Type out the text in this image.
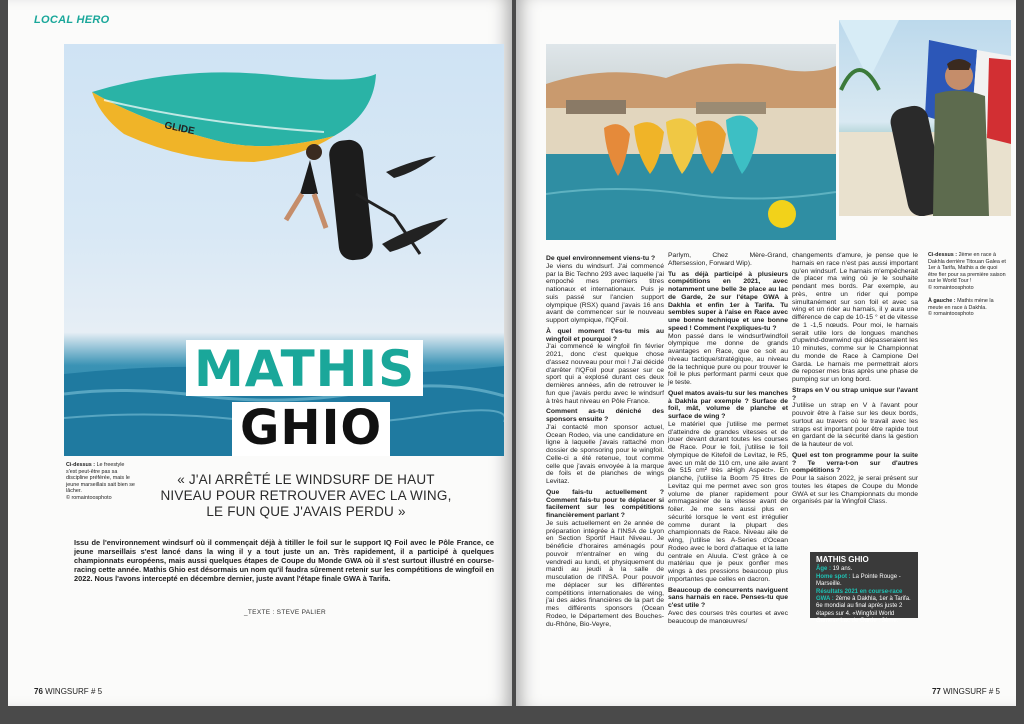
LOCAL HERO
GLIDE
Ci-dessus : Le freestyle s'est peut-être pas sa discipline préférée, mais le jeune marseillais sait bien se lâcher.
© romaintoosphoto
MATHIS
GHIO
« J'AI ARRÊTÉ LE WINDSURF DE HAUT NIVEAU POUR RETROUVER AVEC LA WING, LE FUN QUE J'AVAIS PERDU »
Issu de l'environnement windsurf où il commençait déjà à titiller le foil sur le support IQ Foil avec le Pôle France, ce jeune marseillais s'est lancé dans la wing il y a tout juste un an. Très rapidement, il a participé à quelques championnats européens, mais aussi quelques étapes de Coupe du Monde GWA où il s'est surtout illustré en course-racing cette année. Mathis Ghio est désormais un nom qu'il faudra sûrement retenir sur les compétitions de wingfoil en 2022. Nous l'avons intercepté en décembre dernier, juste avant l'étape finale GWA à Tarifa.
_TEXTE : STEVE PALIER
76 WINGSURF # 5
Ci-dessus : 2ème en race à Dakhla derrière Titouan Galea et 1er à Tarifa, Mathis a de quoi être fier pour sa première saison sur le World Tour !
© romaintoosphoto

À gauche : Mathis mène la meute en race à Dakhla.
© romaintoosphoto
De quel environnement viens-tu ?
Je viens du windsurf. J'ai commencé par la Bic Techno 293 avec laquelle j'ai empoché mes premiers titres nationaux et internationaux. Puis je suis passé sur l'ancien support olympique (RSX) quand j'avais 16 ans avant de commencer sur le nouveau support olympique, l'IQFoil.
À quel moment t'es-tu mis au wingfoil et pourquoi ?
J'ai commencé le wingfoil fin février 2021, donc c'est quelque chose d'assez nouveau pour moi ! J'ai décidé d'arrêter l'IQFoil pour passer sur ce sport qui a explosé durant ces deux dernières années, afin de retrouver le fun que j'avais perdu avec le windsurf à très haut niveau en Pôle France.
Comment as-tu déniché des sponsors ensuite ?
J'ai contacté mon sponsor actuel, Ocean Rodeo, via une candidature en ligne à laquelle j'avais rattaché mon dossier de sponsoring pour le wingfoil. Celle-ci a été retenue, tout comme celle que j'avais envoyée à la marque de foils et de planches de wings Levitaz.
Que fais-tu actuellement ? Comment fais-tu pour te déplacer si facilement sur les compétitions financièrement parlant ?
Je suis actuellement en 2e année de préparation intégrée à l'INSA de Lyon en Section Sportif Haut Niveau. Je bénéficie d'horaires aménagés pour pouvoir m'entraîner en wing du vendredi au lundi, et physiquement du mardi au jeudi à la salle de musculation de l'INSA. Pour pouvoir me déplacer sur les différentes compétitions internationales de wing, j'ai des aides financières de la part de mes différents sponsors (Ocean Rodeo, le Département des Bouches-du-Rhône, Bio-Veyre,
Parlym, Chez Mère-Grand, Aftersession, Forward Wip).
Tu as déjà participé à plusieurs compétitions en 2021, avec notamment une belle 3e place au lac de Garde, 2e sur l'étape GWA à Dakhla et enfin 1er à Tarifa. Tu sembles super à l'aise en Race avec une bonne technique et une bonne speed ! Comment l'expliques-tu ?
Mon passé dans le windsurf/windfoil olympique me donne de grands avantages en Race, que ce soit au niveau tactique/stratégique, au niveau de la technique pure ou pour trouver le foil le plus performant parmi ceux que je teste.
Quel matos avais-tu sur les manches à Dakhla par exemple ? Surface de foil, mât, volume de planche et surface de wing ?
Le matériel que j'utilise me permet d'atteindre de grandes vitesses et de jouer devant durant toutes les courses de Race. Pour le foil, j'utilise le foil olympique de Kitefoil de Levitaz, le R5, avec un mât de 110 cm, une aile avant de 515 cm² très aHigh Aspect». En planche, j'utilise la Boom 75 litres de Levitaz qui me permet avec son gros volume de planer rapidement pour emmagasiner de la vitesse avant de foiler. Je me sens aussi plus en sécurité lorsque le vent est irrégulier comme durant la plupart des championnats de Race. Niveau aile de wing, j'utilise les A-Series d'Ocean Rodeo avec le bord d'attaque et la latte centrale en Aluula. C'est grâce à ce matériau que je peux gonfler mes wings à des pressions beaucoup plus importantes que celles en dacron.
Beaucoup de concurrents naviguent sans harnais en race. Penses-tu que c'est utile ?
Avec des courses très courtes et avec beaucoup de manœuvres/
changements d'amure, je pense que le harnais en race n'est pas aussi important qu'en windsurf. Le harnais m'empêcherait de placer ma wing où je le souhaite pendant mes bords. Par exemple, au près, entre un rider qui pompe simultanément sur son foil et avec sa wing et un rider au harnais, il y aura une différence de cap de 10-15 ° et de vitesse de 1 -1,5 nœuds. Pour moi, le harnais serait utile lors de longues manches d'upwind-downwind qui dépasseraient les 10 minutes, comme sur le Championnat du monde de Race à Campione Del Garda. Le harnais me permettrait alors de reposer mes bras après une phase de pumping sur un long bord.
Straps en V ou strap unique sur l'avant ?
J'utilise un strap en V à l'avant pour pouvoir être à l'aise sur les deux bords, surtout au travers où le travail avec les straps est important pour être rapide tout en gardant de la sécurité dans la gestion de la hauteur de vol.
Quel est ton programme pour la suite ? Te verra-t-on sur d'autres compétitions ?
Pour la saison 2022, je serai présent sur toutes les étapes de Coupe du Monde GWA et sur les Championnats du monde organisés par la Wingfoil Class.
MATHIS GHIO
Âge : 19 ans.
Home spot : La Pointe Rouge - Marseille.
Résultats 2021 en course-race GWA : 2ème à Dakhla, 1er à Tarifa. 6e mondial au final après juste 2 étapes sur 4. «Wingfoil World Games» Lac de Garde : 3ème.
77 WINGSURF # 5
